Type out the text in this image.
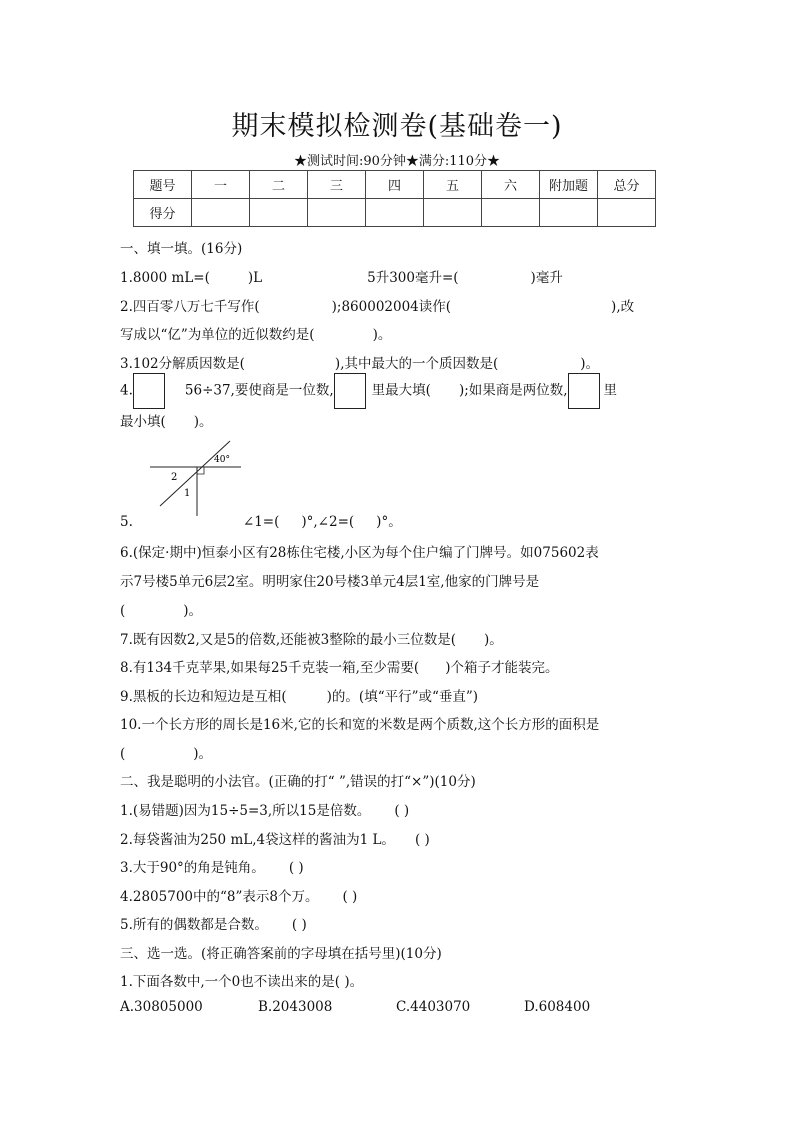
期末模拟检测卷(基础卷一)
★测试时间:90分钟★满分:110分★
题号	一	二	三	四	五	六	附加题	总分
得分								
一、填一填。(16分)
1.8000 mL=(	)L	5升300毫升=(	)毫升
2.四百零八万七千写作(	);860002004读作(	),改
写成以“亿”为单位的近似数约是(	)。
3.102分解质因数是(	),其中最大的一个质因数是(	)。
4.	56÷37,要使商是一位数,	里最大填( );如果商是两位数,	里
最小填( )。
40°
2
1
5.	∠1=( )°,∠2=( )°。
6.(保定·期中)恒泰小区有28栋住宅楼,小区为每个住户编了门牌号。如075602表
示7号楼5单元6层2室。明明家住20号楼3单元4层1室,他家的门牌号是
(	)。
7.既有因数2,又是5的倍数,还能被3整除的最小三位数是( )。
8.有134千克苹果,如果每25千克装一箱,至少需要( )个箱子才能装完。
9.黑板的长边和短边是互相(	)的。(填“平行”或“垂直”)
10.一个长方形的周长是16米,它的长和宽的米数是两个质数,这个长方形的面积是
(	)。
二、我是聪明的小法官。(正确的打“ ”,错误的打“×”)(10分)
1.(易错题)因为15÷5=3,所以15是倍数。 ( )
2.每袋酱油为250 mL,4袋这样的酱油为1 L。 ( )
3.大于90°的角是钝角。 ( )
4.2805700中的“8”表示8个万。 ( )
5.所有的偶数都是合数。 ( )
三、选一选。(将正确答案前的字母填在括号里)(10分)
1.下面各数中,一个0也不读出来的是( )。
A.30805000	B.2043008	C.4403070	D.608400
